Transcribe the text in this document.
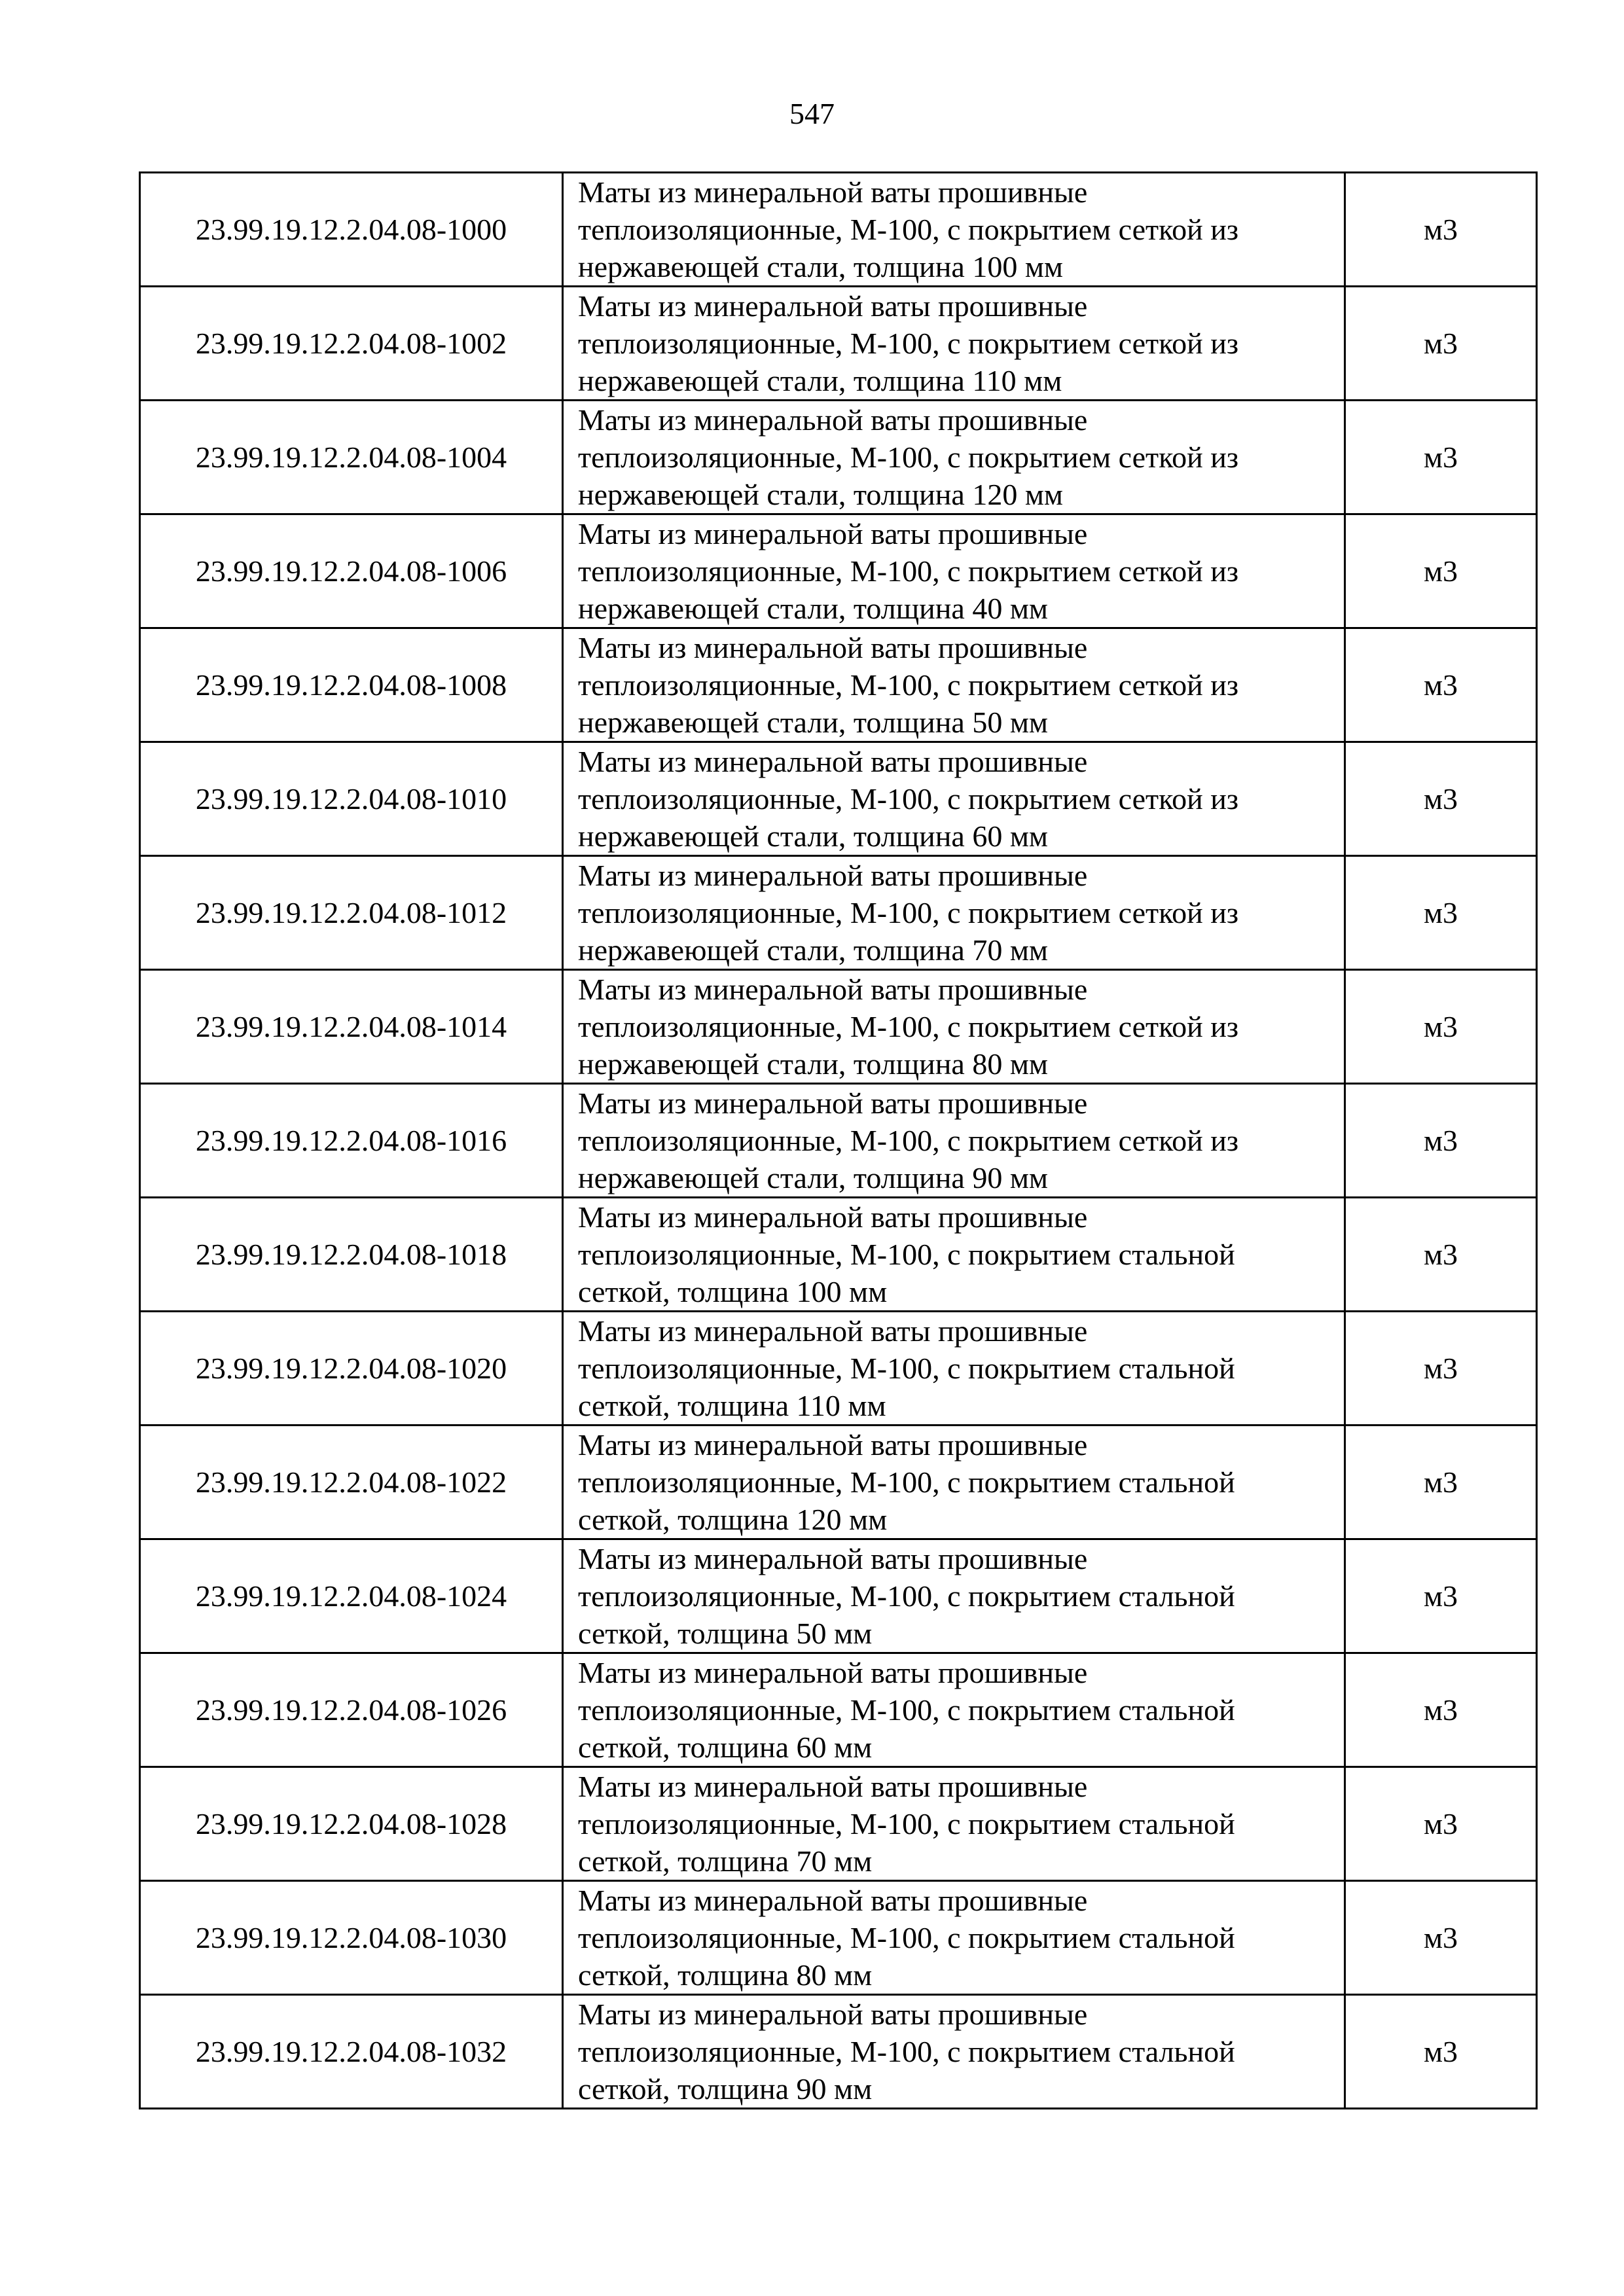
547
23.99.19.12.2.04.08-1000	Маты из минеральной ваты прошивные
теплоизоляционные, М-100, с покрытием сеткой из
нержавеющей стали, толщина 100 мм	м3
23.99.19.12.2.04.08-1002	Маты из минеральной ваты прошивные
теплоизоляционные, М-100, с покрытием сеткой из
нержавеющей стали, толщина 110 мм	м3
23.99.19.12.2.04.08-1004	Маты из минеральной ваты прошивные
теплоизоляционные, М-100, с покрытием сеткой из
нержавеющей стали, толщина 120 мм	м3
23.99.19.12.2.04.08-1006	Маты из минеральной ваты прошивные
теплоизоляционные, М-100, с покрытием сеткой из
нержавеющей стали, толщина 40 мм	м3
23.99.19.12.2.04.08-1008	Маты из минеральной ваты прошивные
теплоизоляционные, М-100, с покрытием сеткой из
нержавеющей стали, толщина 50 мм	м3
23.99.19.12.2.04.08-1010	Маты из минеральной ваты прошивные
теплоизоляционные, М-100, с покрытием сеткой из
нержавеющей стали, толщина 60 мм	м3
23.99.19.12.2.04.08-1012	Маты из минеральной ваты прошивные
теплоизоляционные, М-100, с покрытием сеткой из
нержавеющей стали, толщина 70 мм	м3
23.99.19.12.2.04.08-1014	Маты из минеральной ваты прошивные
теплоизоляционные, М-100, с покрытием сеткой из
нержавеющей стали, толщина 80 мм	м3
23.99.19.12.2.04.08-1016	Маты из минеральной ваты прошивные
теплоизоляционные, М-100, с покрытием сеткой из
нержавеющей стали, толщина 90 мм	м3
23.99.19.12.2.04.08-1018	Маты из минеральной ваты прошивные
теплоизоляционные, М-100, с покрытием стальной
сеткой, толщина 100 мм	м3
23.99.19.12.2.04.08-1020	Маты из минеральной ваты прошивные
теплоизоляционные, М-100, с покрытием стальной
сеткой, толщина 110 мм	м3
23.99.19.12.2.04.08-1022	Маты из минеральной ваты прошивные
теплоизоляционные, М-100, с покрытием стальной
сеткой, толщина 120 мм	м3
23.99.19.12.2.04.08-1024	Маты из минеральной ваты прошивные
теплоизоляционные, М-100, с покрытием стальной
сеткой, толщина 50 мм	м3
23.99.19.12.2.04.08-1026	Маты из минеральной ваты прошивные
теплоизоляционные, М-100, с покрытием стальной
сеткой, толщина 60 мм	м3
23.99.19.12.2.04.08-1028	Маты из минеральной ваты прошивные
теплоизоляционные, М-100, с покрытием стальной
сеткой, толщина 70 мм	м3
23.99.19.12.2.04.08-1030	Маты из минеральной ваты прошивные
теплоизоляционные, М-100, с покрытием стальной
сеткой, толщина 80 мм	м3
23.99.19.12.2.04.08-1032	Маты из минеральной ваты прошивные
теплоизоляционные, М-100, с покрытием стальной
сеткой, толщина 90 мм	м3
